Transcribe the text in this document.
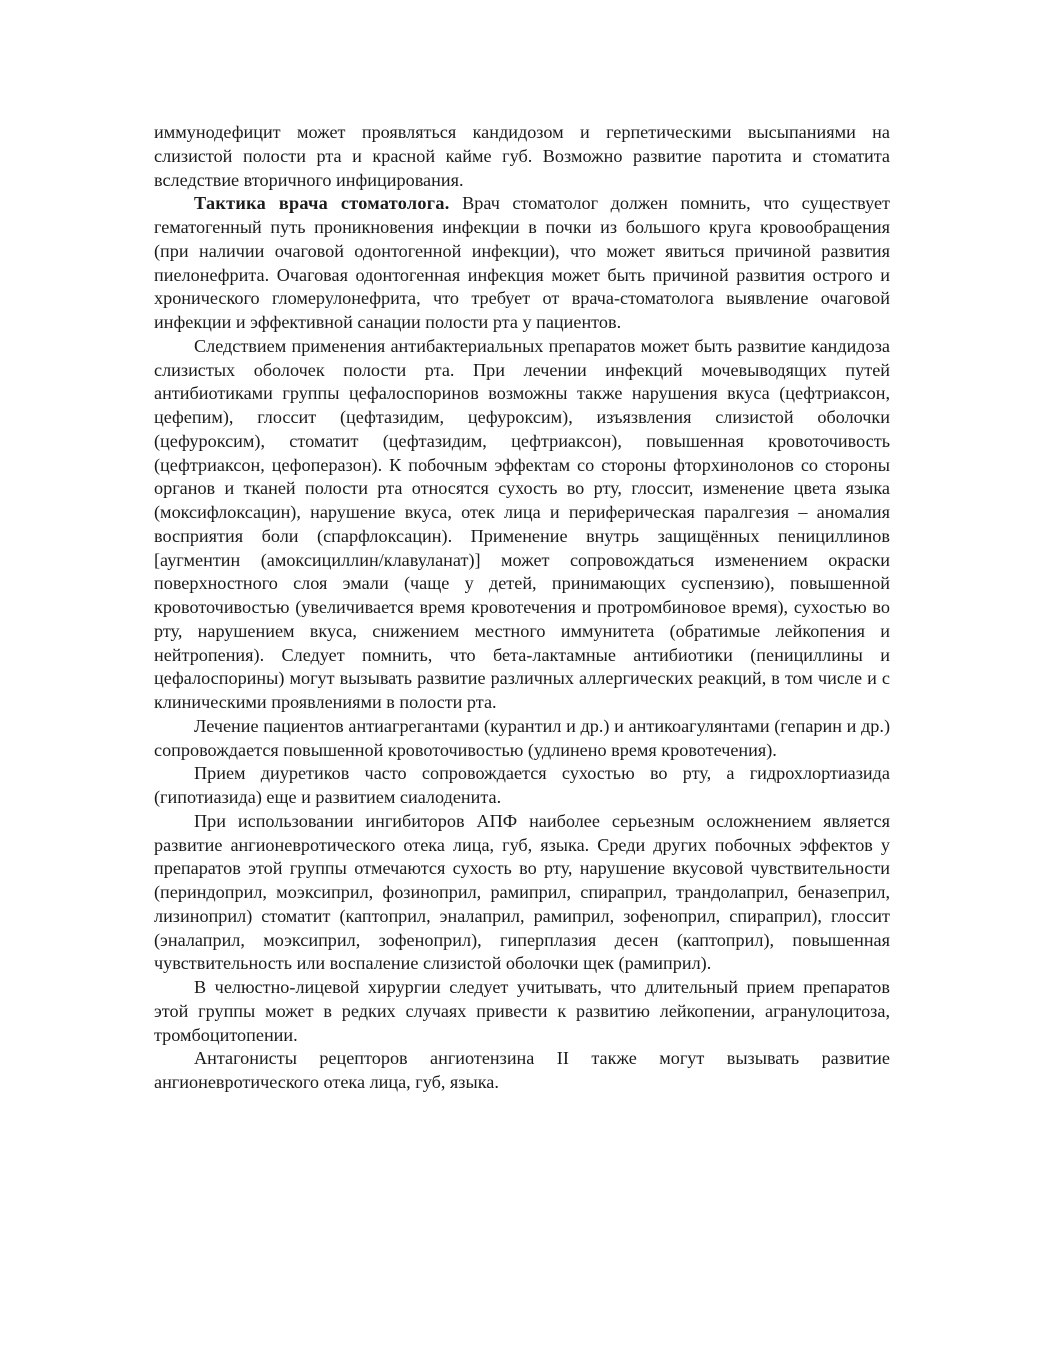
иммунодефицит может проявляться кандидозом и герпетическими высыпаниями на слизистой полости рта и красной кайме губ. Возможно развитие паротита и стоматита вследствие вторичного инфицирования.

Тактика врача стоматолога. Врач стоматолог должен помнить, что существует гематогенный путь проникновения инфекции в почки из большого круга кровообращения (при наличии очаговой одонтогенной инфекции), что может явиться причиной развития пиелонефрита. Очаговая одонтогенная инфекция может быть причиной развития острого и хронического гломерулонефрита, что требует от врача-стоматолога выявление очаговой инфекции и эффективной санации полости рта у пациентов.

Следствием применения антибактериальных препаратов может быть развитие кандидоза слизистых оболочек полости рта. При лечении инфекций мочевыводящих путей антибиотиками группы цефалоспоринов возможны также нарушения вкуса (цефтриаксон, цефепим), глоссит (цефтазидим, цефуроксим), изъязвления слизистой оболочки (цефуроксим), стоматит (цефтазидим, цефтриаксон), повышенная кровоточивость (цефтриаксон, цефоперазон). К побочным эффектам со стороны фторхинолонов со стороны органов и тканей полости рта относятся сухость во рту, глоссит, изменение цвета языка (моксифлоксацин), нарушение вкуса, отек лица и периферическая паралгезия – аномалия восприятия боли (спарфлоксацин). Применение внутрь защищённых пенициллинов [аугментин (амоксициллин/клавуланат)] может сопровождаться изменением окраски поверхностного слоя эмали (чаще у детей, принимающих суспензию), повышенной кровоточивостью (увеличивается время кровотечения и протромбиновое время), сухостью во рту, нарушением вкуса, снижением местного иммунитета (обратимые лейкопения и нейтропения). Следует помнить, что бета-лактамные антибиотики (пенициллины и цефалоспорины) могут вызывать развитие различных аллергических реакций, в том числе и с клиническими проявлениями в полости рта.

Лечение пациентов антиагрегантами (курантил и др.) и антикоагулянтами (гепарин и др.) сопровождается повышенной кровоточивостью (удлинено время кровотечения).

Прием диуретиков часто сопровождается сухостью во рту, а гидрохлортиазида (гипотиазида) еще и развитием сиалоденита.

При использовании ингибиторов АПФ наиболее серьезным осложнением является развитие ангионевротического отека лица, губ, языка. Среди других побочных эффектов у препаратов этой группы отмечаются сухость во рту, нарушение вкусовой чувствительности (периндоприл, моэксиприл, фозиноприл, рамиприл, спираприл, трандолаприл, беназеприл, лизиноприл) стоматит (каптоприл, эналаприл, рамиприл, зофеноприл, спираприл), глоссит (эналаприл, моэксиприл, зофеноприл), гиперплазия десен (каптоприл), повышенная чувствительность или воспаление слизистой оболочки щек (рамиприл).

В челюстно-лицевой хирургии следует учитывать, что длительный прием препаратов этой группы может в редких случаях привести к развитию лейкопении, агранулоцитоза, тромбоцитопении.

Антагонисты рецепторов ангиотензина II также могут вызывать развитие ангионевротического отека лица, губ, языка.
